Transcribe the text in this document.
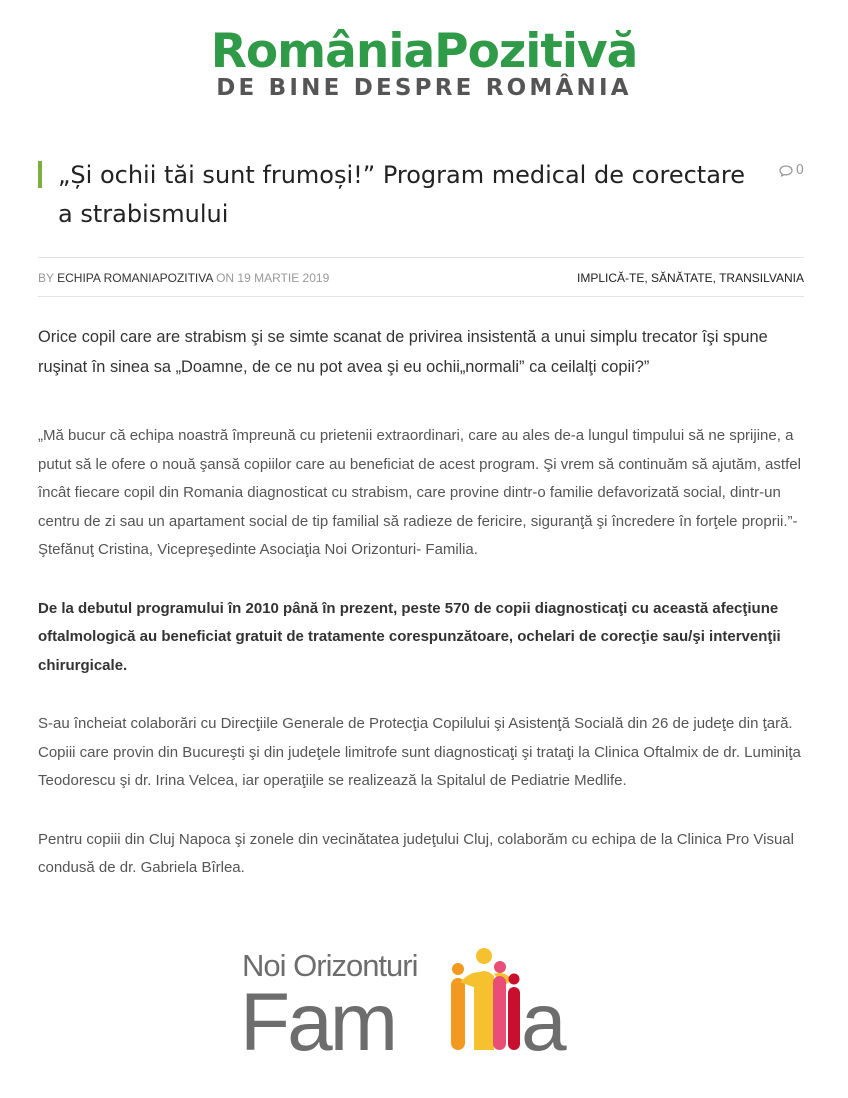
RomâniaPozitivă
DE BINE DESPRE ROMÂNIA
„Și ochii tăi sunt frumoși!” Program medical de corectare a strabismului
0
BY ECHIPA ROMANIAPOZITIVA ON 19 MARTIE 2019	IMPLICĂ-TE, SĂNĂTATE, TRANSILVANIA

Orice copil care are strabism şi se simte scanat de privirea insistentă a unui simplu trecator îşi spune ruşinat în sinea sa „Doamne, de ce nu pot avea şi eu ochii„normali” ca ceilalţi copii?”

„Mă bucur că echipa noastră împreună cu prietenii extraordinari, care au ales de-a lungul timpului să ne sprijine, a putut să le ofere o nouă şansă copiilor care au beneficiat de acest program. Şi vrem să continuăm să ajutăm, astfel încât fiecare copil din Romania diagnosticat cu strabism, care provine dintr-o familie defavorizată social, dintr-un centru de zi sau un apartament social de tip familial să radieze de fericire, siguranţă şi încredere în forţele proprii.”- Ştefănuţ Cristina, Vicepreşedinte Asociaţia Noi Orizonturi- Familia.

De la debutul programului în 2010 până în prezent, peste 570 de copii diagnosticaţi cu această afecţiune oftalmologică au beneficiat gratuit de tratamente corespunzătoare, ochelari de corecţie sau/şi intervenţii chirurgicale.

S-au încheiat colaborări cu Direcţiile Generale de Protecţia Copilului şi Asistenţă Socială din 26 de judeţe din ţară. Copiii care provin din Bucureşti şi din judeţele limitrofe sunt diagnosticaţi şi trataţi la Clinica Oftalmix de dr. Luminiţa Teodorescu şi dr. Irina Velcea, iar operaţiile se realizează la Spitalul de Pediatrie Medlife.

Pentru copiii din Cluj Napoca şi zonele din vecinătatea judeţului Cluj, colaborăm cu echipa de la Clinica Pro Visual condusă de dr. Gabriela Bîrlea.

Noi Orizonturi
Fam a
